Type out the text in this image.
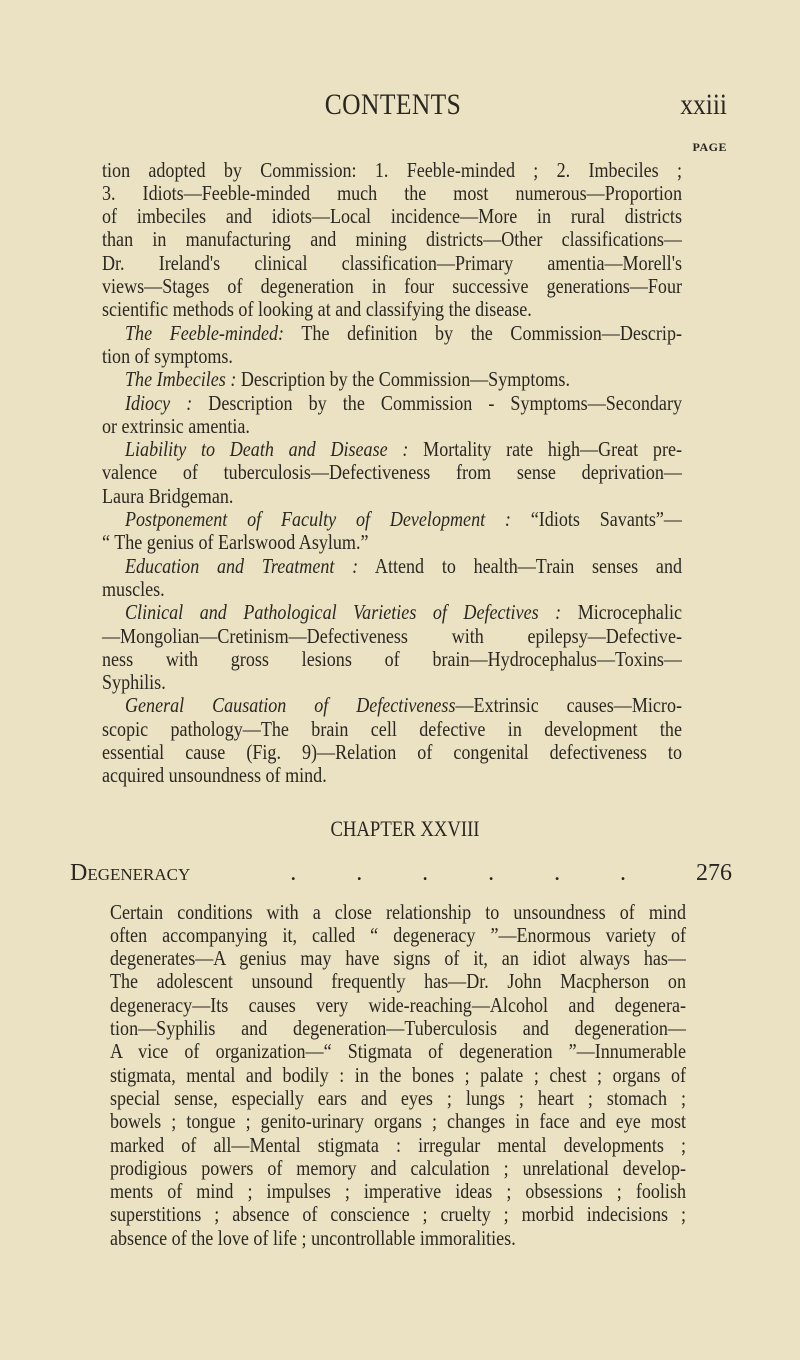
CONTENTS	xxiii
PAGE
tion adopted by Commission: 1. Feeble-minded ; 2. Imbeciles ;
3. Idiots—Feeble-minded much the most numerous—Proportion
of imbeciles and idiots—Local incidence—More in rural districts
than in manufacturing and mining districts—Other classifications—
Dr. Ireland's clinical classification—Primary amentia—Morell's
views—Stages of degeneration in four successive generations—Four
scientific methods of looking at and classifying the disease.
The Feeble-minded: The definition by the Commission—Descrip-
tion of symptoms.
The Imbeciles : Description by the Commission—Symptoms.
Idiocy : Description by the Commission - Symptoms—Secondary
or extrinsic amentia.
Liability to Death and Disease : Mortality rate high—Great pre-
valence of tuberculosis—Defectiveness from sense deprivation—
Laura Bridgeman.
Postponement of Faculty of Development : “Idiots Savants”—
“ The genius of Earlswood Asylum.”
Education and Treatment : Attend to health—Train senses and
muscles.
Clinical and Pathological Varieties of Defectives : Microcephalic
—Mongolian—Cretinism—Defectiveness with epilepsy—Defective-
ness with gross lesions of brain—Hydrocephalus—Toxins—
Syphilis.
General Causation of Defectiveness—Extrinsic causes—Micro-
scopic pathology—The brain cell defective in development the
essential cause (Fig. 9)—Relation of congenital defectiveness to
acquired unsoundness of mind.
CHAPTER XXVIII
Degeneracy	. . . . . .	276
Certain conditions with a close relationship to unsoundness of mind
often accompanying it, called “ degeneracy ”—Enormous variety of
degenerates—A genius may have signs of it, an idiot always has—
The adolescent unsound frequently has—Dr. John Macpherson on
degeneracy—Its causes very wide-reaching—Alcohol and degenera-
tion—Syphilis and degeneration—Tuberculosis and degeneration—
A vice of organization—“ Stigmata of degeneration ”—Innumerable
stigmata, mental and bodily : in the bones ; palate ; chest ; organs of
special sense, especially ears and eyes ; lungs ; heart ; stomach ;
bowels ; tongue ; genito-urinary organs ; changes in face and eye most
marked of all—Mental stigmata : irregular mental developments ;
prodigious powers of memory and calculation ; unrelational develop-
ments of mind ; impulses ; imperative ideas ; obsessions ; foolish
superstitions ; absence of conscience ; cruelty ; morbid indecisions ;
absence of the love of life ; uncontrollable immoralities.
